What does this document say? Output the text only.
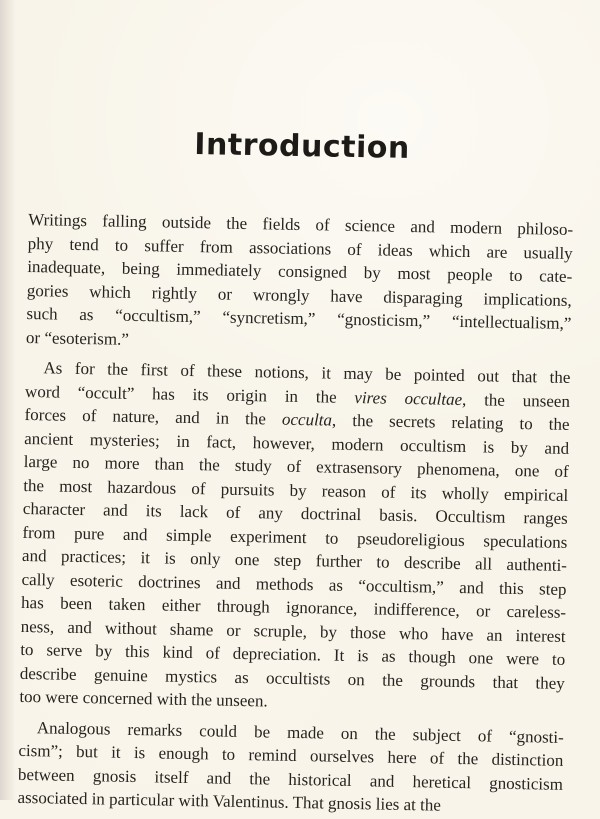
Introduction
Writings falling outside the fields of science and modern philoso-
phy tend to suffer from associations of ideas which are usually
inadequate, being immediately consigned by most people to cate-
gories which rightly or wrongly have disparaging implications,
such as “occultism,” “syncretism,” “gnosticism,” “intellectualism,”
or “esoterism.”
As for the first of these notions, it may be pointed out that the
word “occult” has its origin in the vires occultae, the unseen
forces of nature, and in the occulta, the secrets relating to the
ancient mysteries; in fact, however, modern occultism is by and
large no more than the study of extrasensory phenomena, one of
the most hazardous of pursuits by reason of its wholly empirical
character and its lack of any doctrinal basis. Occultism ranges
from pure and simple experiment to pseudoreligious speculations
and practices; it is only one step further to describe all authenti-
cally esoteric doctrines and methods as “occultism,” and this step
has been taken either through ignorance, indifference, or careless-
ness, and without shame or scruple, by those who have an interest
to serve by this kind of depreciation. It is as though one were to
describe genuine mystics as occultists on the grounds that they
too were concerned with the unseen.
Analogous remarks could be made on the subject of “gnosti-
cism”; but it is enough to remind ourselves here of the distinction
between gnosis itself and the historical and heretical gnosticism
associated in particular with Valentinus. That gnosis lies at the
